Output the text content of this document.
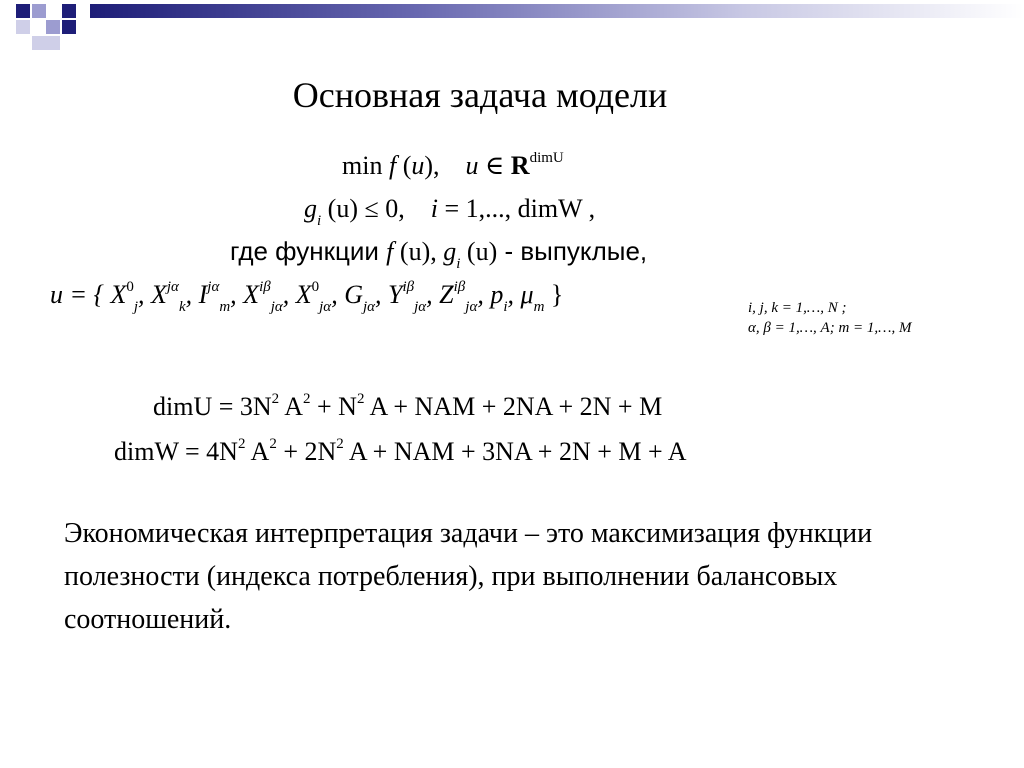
Основная задача модели
min f (u),    u ∈ $R^{dimU}$
$g_i$ (u) ≤ 0, i = 1,..., dimW ,
где функции f (u), $g_i$ (u) - выпуклые,
u = { $X^0_j$, $X^{j\alpha}_k$, $I^{j\alpha}_m$, $X^{i\beta}_{j\alpha}$, $X^0_{j\alpha}$, $G_{j\alpha}$, $Y^{i\beta}_{j\alpha}$, $Z^{i\beta}_{j\alpha}$, $p_i$, $\mu_m$ }	i, j, k = 1,…, N ;
α, β = 1,…, A; m = 1,…, M
dimU = $3N^2$ $A^2 + N^2$ A + NAM + 2NA + 2N + M
dimW = $4N^2$ $A^2 + 2N^2$ A + NAM + 3NA + 2N + M + A
Экономическая интерпретация задачи – это максимизация функции полезности (индекса потребления), при выполнении балансовых соотношений.
